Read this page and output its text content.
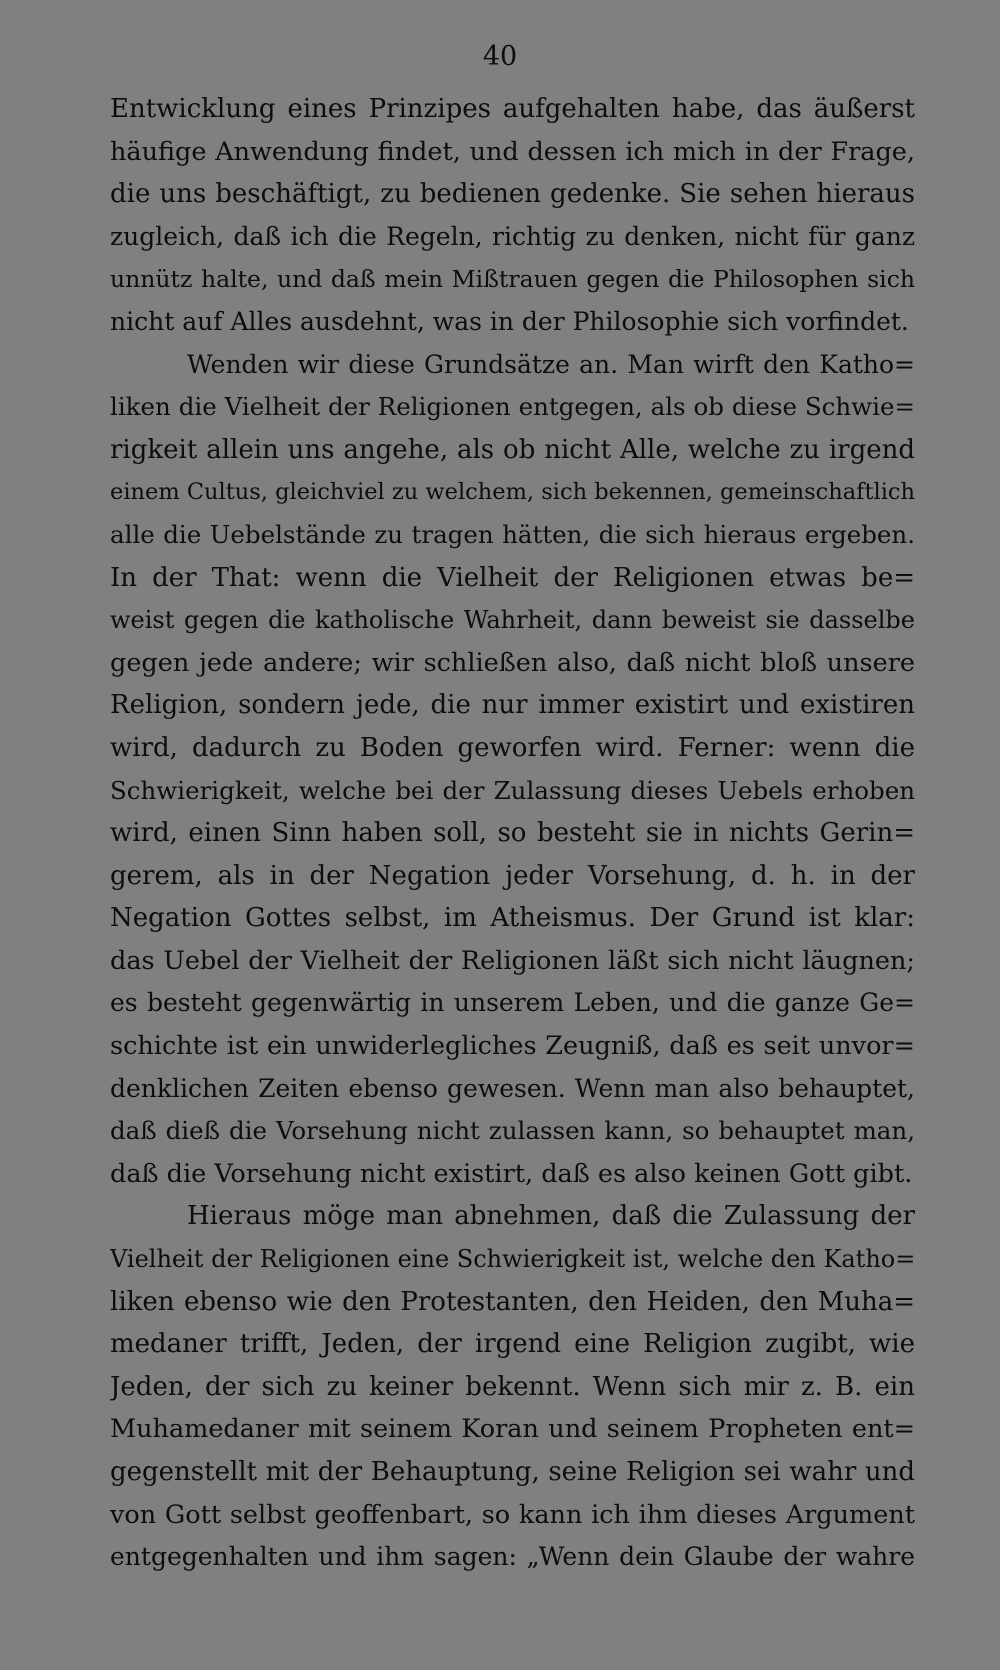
40
Entwicklung eines Prinzipes aufgehalten habe, das äußerst
häufige Anwendung findet, und dessen ich mich in der Frage,
die uns beschäftigt, zu bedienen gedenke. Sie sehen hieraus
zugleich, daß ich die Regeln, richtig zu denken, nicht für ganz
unnütz halte, und daß mein Mißtrauen gegen die Philosophen sich
nicht auf Alles ausdehnt, was in der Philosophie sich vorfindet.
Wenden wir diese Grundsätze an. Man wirft den Katho=
liken die Vielheit der Religionen entgegen, als ob diese Schwie=
rigkeit allein uns angehe, als ob nicht Alle, welche zu irgend
einem Cultus, gleichviel zu welchem, sich bekennen, gemeinschaftlich
alle die Uebelstände zu tragen hätten, die sich hieraus ergeben.
In der That: wenn die Vielheit der Religionen etwas be=
weist gegen die katholische Wahrheit, dann beweist sie dasselbe
gegen jede andere; wir schließen also, daß nicht bloß unsere
Religion, sondern jede, die nur immer existirt und existiren
wird, dadurch zu Boden geworfen wird. Ferner: wenn die
Schwierigkeit, welche bei der Zulassung dieses Uebels erhoben
wird, einen Sinn haben soll, so besteht sie in nichts Gerin=
gerem, als in der Negation jeder Vorsehung, d. h. in der
Negation Gottes selbst, im Atheismus. Der Grund ist klar:
das Uebel der Vielheit der Religionen läßt sich nicht läugnen;
es besteht gegenwärtig in unserem Leben, und die ganze Ge=
schichte ist ein unwiderlegliches Zeugniß, daß es seit unvor=
denklichen Zeiten ebenso gewesen. Wenn man also behauptet,
daß dieß die Vorsehung nicht zulassen kann, so behauptet man,
daß die Vorsehung nicht existirt, daß es also keinen Gott gibt.
Hieraus möge man abnehmen, daß die Zulassung der
Vielheit der Religionen eine Schwierigkeit ist, welche den Katho=
liken ebenso wie den Protestanten, den Heiden, den Muha=
medaner trifft, Jeden, der irgend eine Religion zugibt, wie
Jeden, der sich zu keiner bekennt. Wenn sich mir z. B. ein
Muhamedaner mit seinem Koran und seinem Propheten ent=
gegenstellt mit der Behauptung, seine Religion sei wahr und
von Gott selbst geoffenbart, so kann ich ihm dieses Argument
entgegenhalten und ihm sagen: „Wenn dein Glaube der wahre
